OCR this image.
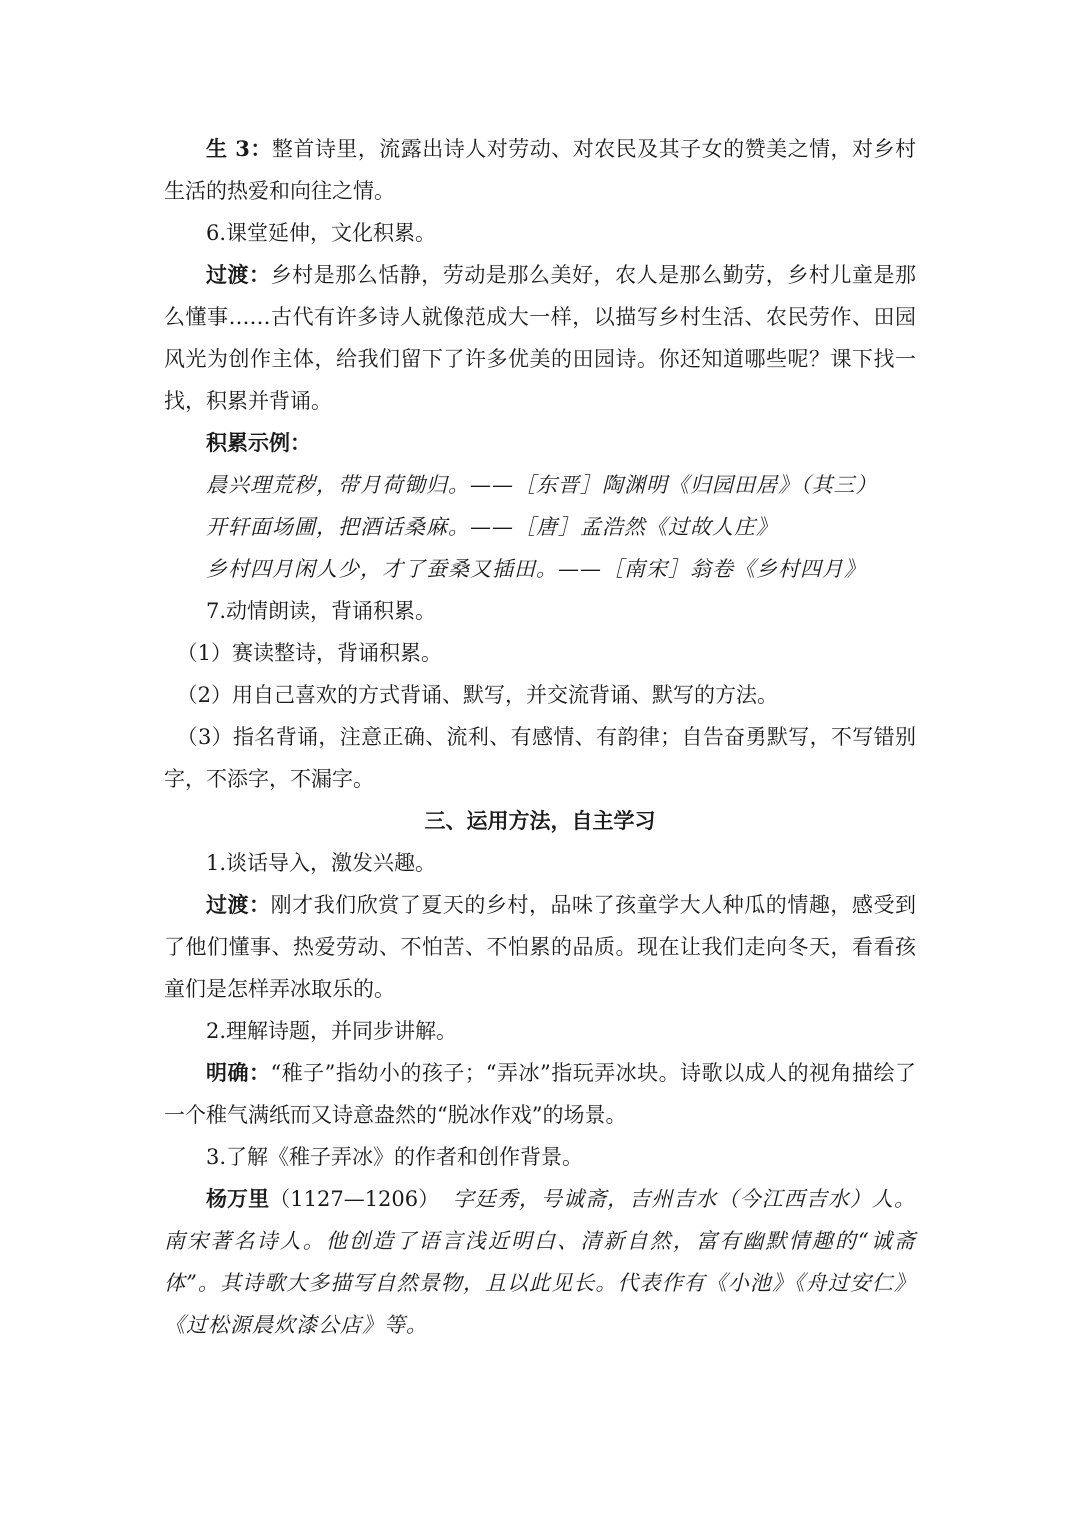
生 3：整首诗里，流露出诗人对劳动、对农民及其子女的赞美之情，对乡村生活的热爱和向往之情。

6.课堂延伸，文化积累。

过渡：乡村是那么恬静，劳动是那么美好，农人是那么勤劳，乡村儿童是那么懂事……古代有许多诗人就像范成大一样，以描写乡村生活、农民劳作、田园风光为创作主体，给我们留下了许多优美的田园诗。你还知道哪些呢？课下找一找，积累并背诵。

积累示例：

晨兴理荒秽，带月荷锄归。——［东晋］陶渊明《归园田居》（其三）

开轩面场圃，把酒话桑麻。——［唐］孟浩然《过故人庄》

乡村四月闲人少，才了蚕桑又插田。——［南宋］翁卷《乡村四月》

7.动情朗读，背诵积累。

（1）赛读整诗，背诵积累。

（2）用自己喜欢的方式背诵、默写，并交流背诵、默写的方法。

（3）指名背诵，注意正确、流利、有感情、有韵律；自告奋勇默写，不写错别字，不添字，不漏字。

三、运用方法，自主学习

1.谈话导入，激发兴趣。

过渡：刚才我们欣赏了夏天的乡村，品味了孩童学大人种瓜的情趣，感受到了他们懂事、热爱劳动、不怕苦、不怕累的品质。现在让我们走向冬天，看看孩童们是怎样弄冰取乐的。

2.理解诗题，并同步讲解。

明确：“稚子”指幼小的孩子；“弄冰”指玩弄冰块。诗歌以成人的视角描绘了一个稚气满纸而又诗意盎然的“脱冰作戏”的场景。

3.了解《稚子弄冰》的作者和创作背景。

杨万里（1127—1206） 字廷秀，号诚斋，吉州吉水（今江西吉水）人。南宋著名诗人。他创造了语言浅近明白、清新自然，富有幽默情趣的“诚斋体”。其诗歌大多描写自然景物，且以此见长。代表作有《小池》《舟过安仁》《过松源晨炊漆公店》等。
